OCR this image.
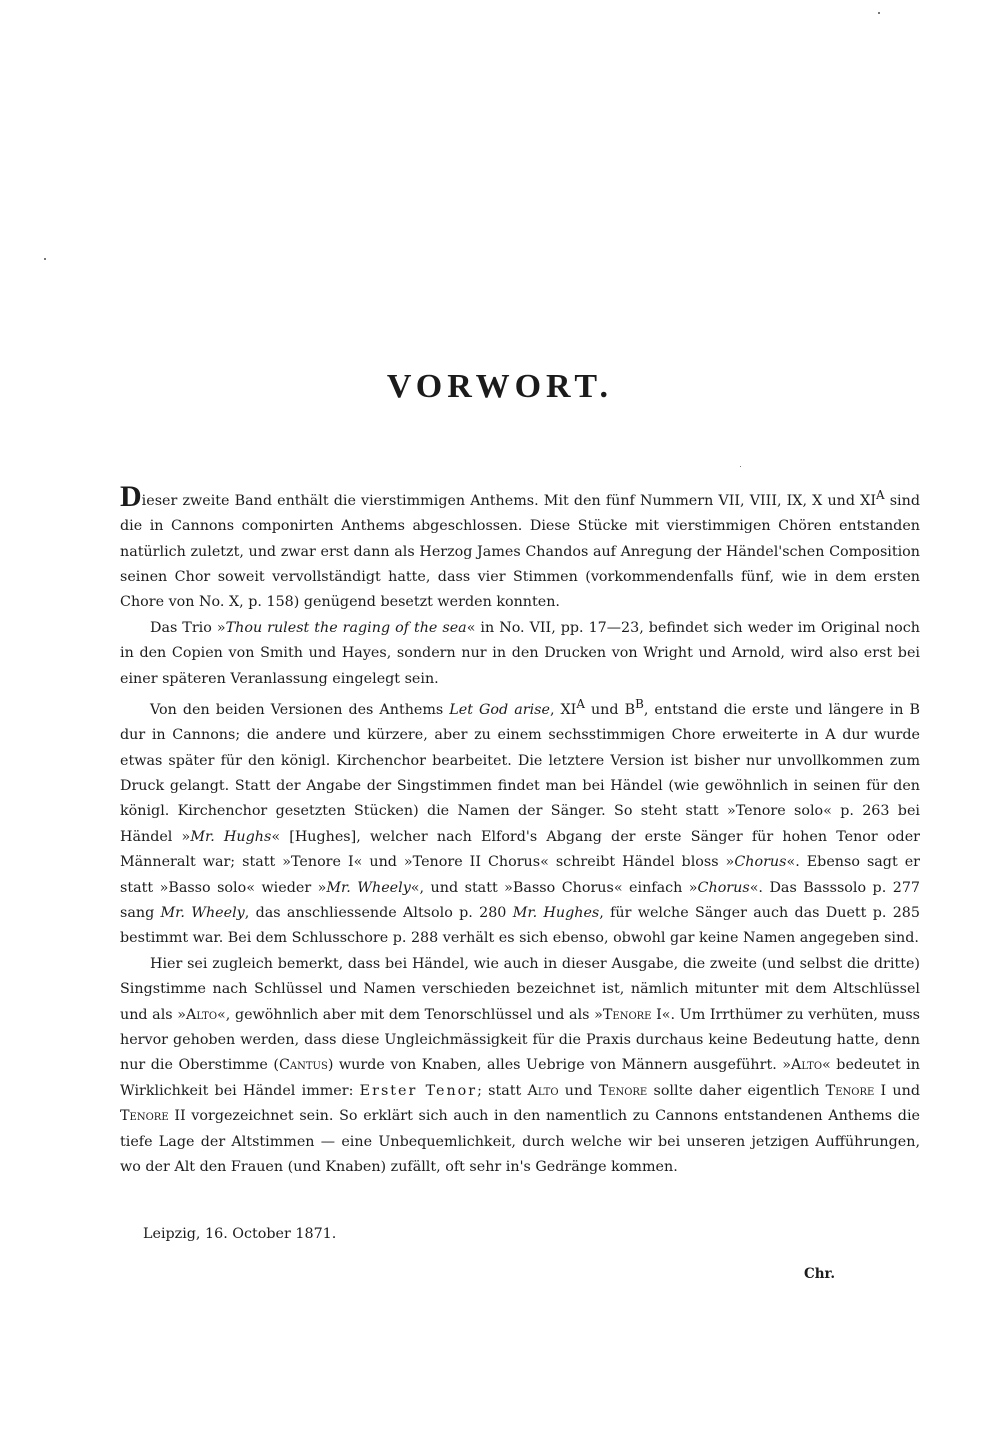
VORWORT.

Dieser zweite Band enthält die vierstimmigen Anthems. Mit den fünf Nummern VII, VIII, IX, X und $XI^A$ sind die in Cannons componirten Anthems abgeschlossen. Diese Stücke mit vierstimmigen Chören entstanden natürlich zuletzt, und zwar erst dann als Herzog James Chandos auf Anregung der Händel'schen Composition seinen Chor soweit vervollständigt hatte, dass vier Stimmen (vorkommendenfalls fünf, wie in dem ersten Chore von No. X, p. 158) genügend besetzt werden konnten.

Das Trio »Thou rulest the raging of the sea« in No. VII, pp. 17—23, befindet sich weder im Original noch in den Copien von Smith und Hayes, sondern nur in den Drucken von Wright und Arnold, wird also erst bei einer späteren Veranlassung eingelegt sein.

Von den beiden Versionen des Anthems Let God arise, $XI^A$ und $B^B$, entstand die erste und längere in B dur in Cannons; die andere und kürzere, aber zu einem sechsstimmigen Chore erweiterte in A dur wurde etwas später für den königl. Kirchenchor bearbeitet. Die letztere Version ist bisher nur unvollkommen zum Druck gelangt. Statt der Angabe der Singstimmen findet man bei Händel (wie gewöhnlich in seinen für den königl. Kirchenchor gesetzten Stücken) die Namen der Sänger. So steht statt »Tenore solo« p. 263 bei Händel »Mr. Hughs« [Hughes], welcher nach Elford's Abgang der erste Sänger für hohen Tenor oder Männeralt war; statt »Tenore I« und »Tenore II Chorus« schreibt Händel bloss »Chorus«. Ebenso sagt er statt »Basso solo« wieder »Mr. Wheely«, und statt »Basso Chorus« einfach »Chorus«. Das Basssolo p. 277 sang Mr. Wheely, das anschliessende Altsolo p. 280 Mr. Hughes, für welche Sänger auch das Duett p. 285 bestimmt war. Bei dem Schlusschore p. 288 verhält es sich ebenso, obwohl gar keine Namen angegeben sind.

Hier sei zugleich bemerkt, dass bei Händel, wie auch in dieser Ausgabe, die zweite (und selbst die dritte) Singstimme nach Schlüssel und Namen verschieden bezeichnet ist, nämlich mitunter mit dem Altschlüssel und als »Alto«, gewöhnlich aber mit dem Tenorschlüssel und als »Tenore I«. Um Irrthümer zu verhüten, muss hervor gehoben werden, dass diese Ungleichmässigkeit für die Praxis durchaus keine Bedeutung hatte, denn nur die Oberstimme (Cantus) wurde von Knaben, alles Uebrige von Männern ausgeführt. »Alto« bedeutet in Wirklichkeit bei Händel immer: Erster Tenor; statt Alto und Tenore sollte daher eigentlich Tenore I und Tenore II vorgezeichnet sein. So erklärt sich auch in den namentlich zu Cannons entstandenen Anthems die tiefe Lage der Altstimmen — eine Unbequemlichkeit, durch welche wir bei unseren jetzigen Aufführungen, wo der Alt den Frauen (und Knaben) zufällt, oft sehr in's Gedränge kommen.

Leipzig, 16. October 1871.
Chr.
